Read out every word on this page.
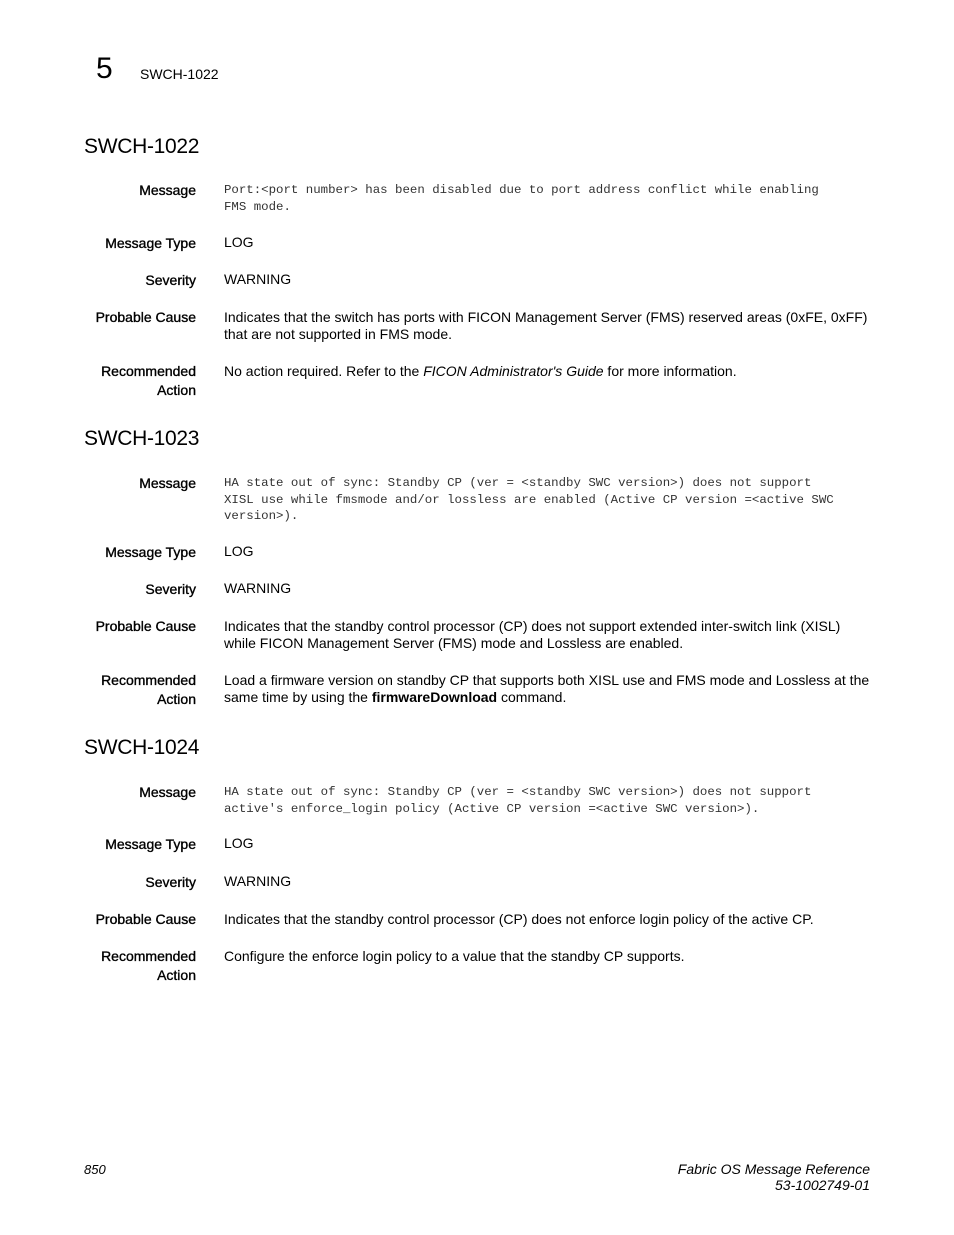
5 SWCH-1022
SWCH-1022
Message Port:<port number> has been disabled due to port address conflict while enabling
FMS mode.
Message Type LOG
Severity WARNING
Probable Cause Indicates that the switch has ports with FICON Management Server (FMS) reserved areas (0xFE, 0xFF) that are not supported in FMS mode.
Recommended
Action
No action required. Refer to the FICON Administrator's Guide for more information.
SWCH-1023
Message HA state out of sync: Standby CP (ver = <standby SWC version>) does not support
XISL use while fmsmode and/or lossless are enabled (Active CP version =<active SWC
version>).
Message Type LOG
Severity WARNING
Probable Cause Indicates that the standby control processor (CP) does not support extended inter-switch link (XISL) while FICON Management Server (FMS) mode and Lossless are enabled.
Recommended
Action
Load a firmware version on standby CP that supports both XISL use and FMS mode and Lossless at the same time by using the firmwareDownload command.
SWCH-1024
Message HA state out of sync: Standby CP (ver = <standby SWC version>) does not support
active's enforce_login policy (Active CP version =<active SWC version>).
Message Type LOG
Severity WARNING
Probable Cause Indicates that the standby control processor (CP) does not enforce login policy of the active CP.
Recommended
Action
Configure the enforce login policy to a value that the standby CP supports.
850	Fabric OS Message Reference
53-1002749-01
